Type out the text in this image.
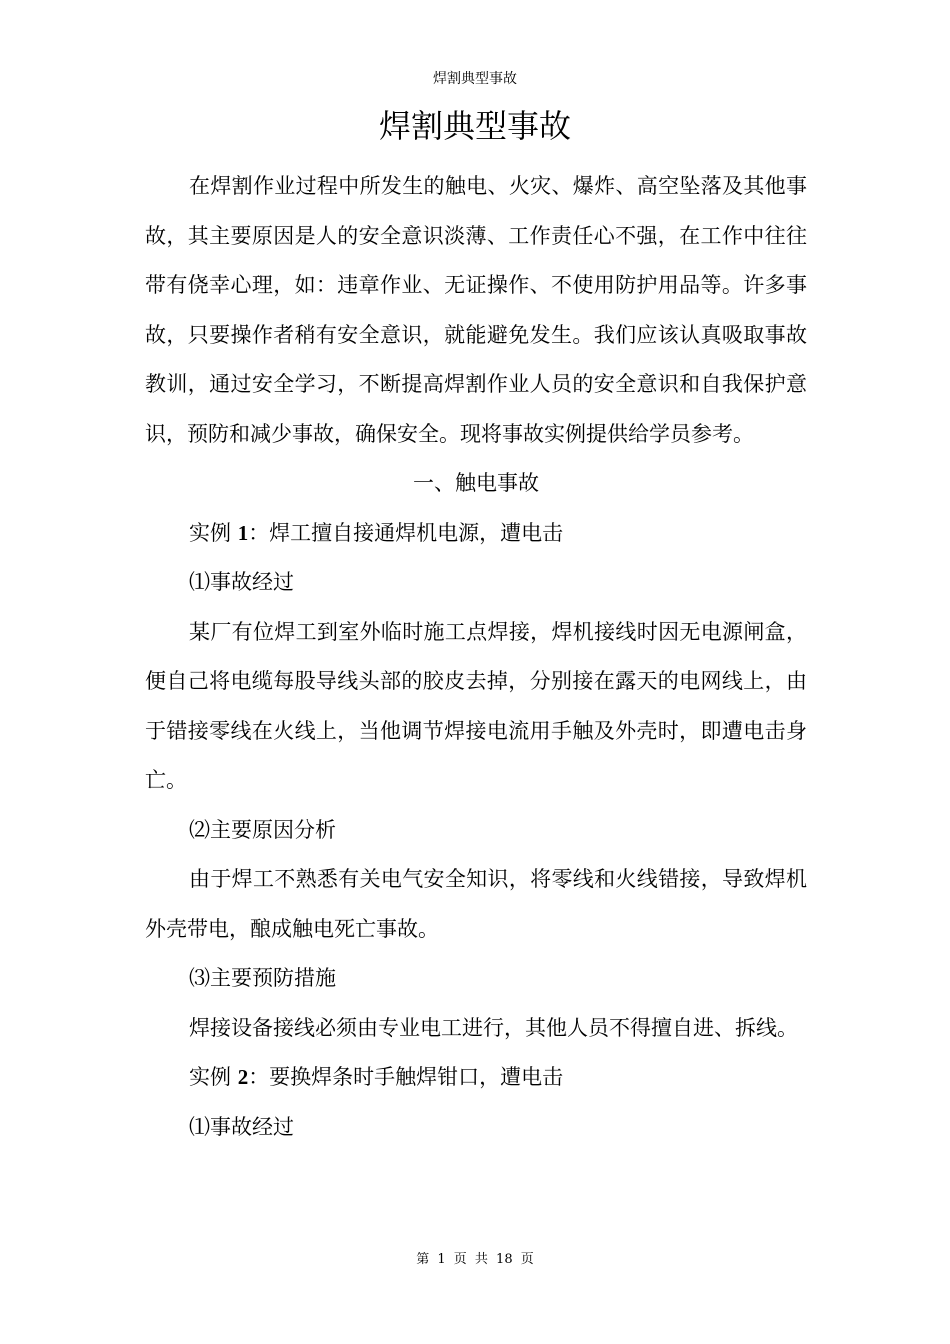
焊割典型事故
焊割典型事故

在焊割作业过程中所发生的触电、火灾、爆炸、高空坠落及其他事故，其主要原因是人的安全意识淡薄、工作责任心不强，在工作中往往带有侥幸心理，如：违章作业、无证操作、不使用防护用品等。许多事故，只要操作者稍有安全意识，就能避免发生。我们应该认真吸取事故教训，通过安全学习，不断提高焊割作业人员的安全意识和自我保护意识，预防和减少事故，确保安全。现将事故实例提供给学员参考。

一、触电事故

实例 1：焊工擅自接通焊机电源，遭电击

⑴事故经过

某厂有位焊工到室外临时施工点焊接，焊机接线时因无电源闸盒，便自己将电缆每股导线头部的胶皮去掉，分别接在露天的电网线上，由于错接零线在火线上，当他调节焊接电流用手触及外壳时，即遭电击身亡。

⑵主要原因分析

由于焊工不熟悉有关电气安全知识，将零线和火线错接，导致焊机外壳带电，酿成触电死亡事故。

⑶主要预防措施

焊接设备接线必须由专业电工进行，其他人员不得擅自进、拆线。

实例 2：要换焊条时手触焊钳口，遭电击

⑴事故经过

第 1 页 共 18 页
